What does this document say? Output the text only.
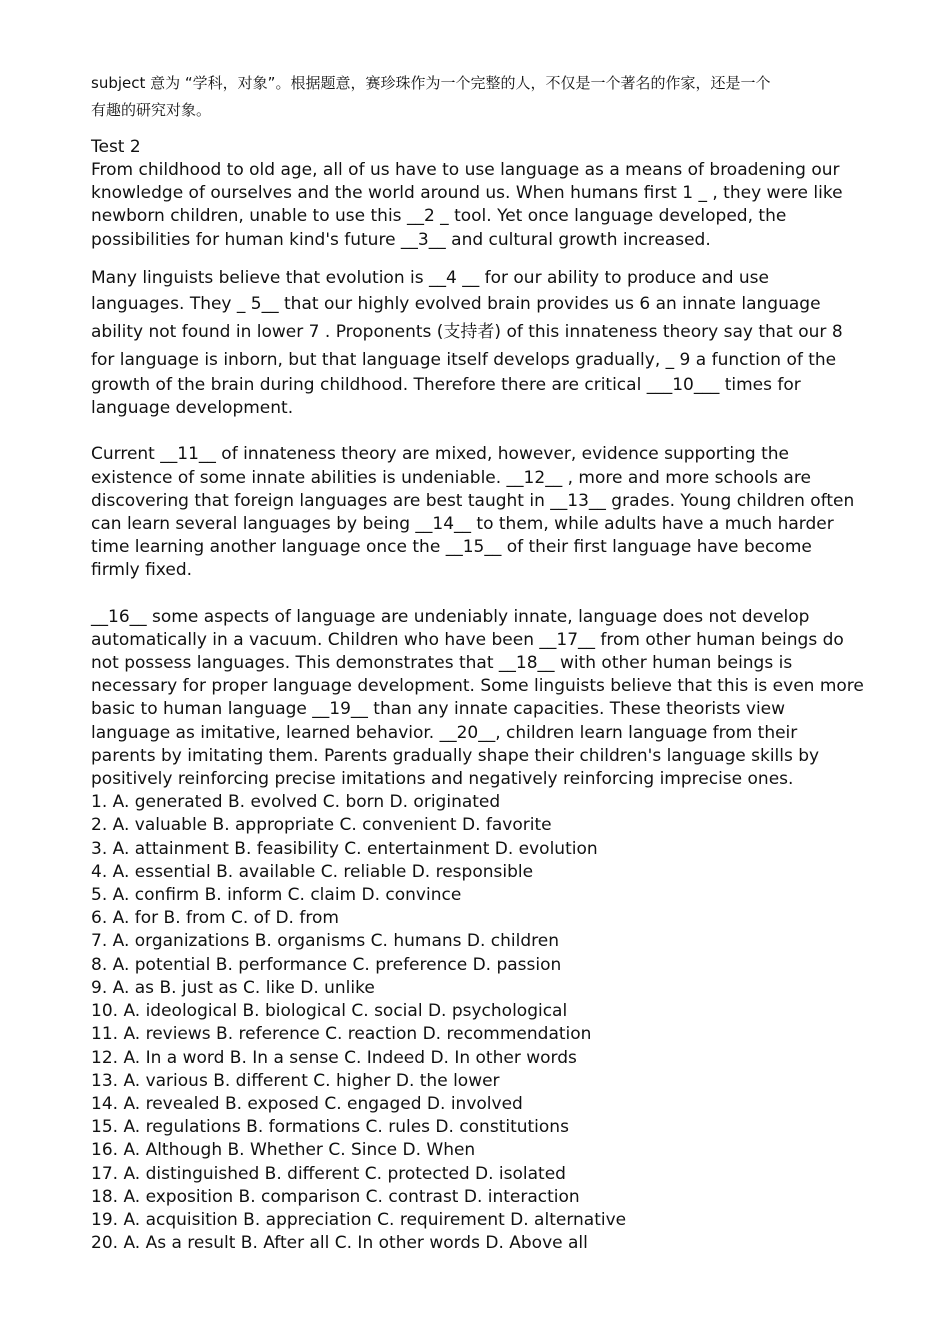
subject 意为 “学科，对象”。根据题意，赛珍珠作为一个完整的人，不仅是一个著名的作家，还是一个
有趣的研究对象。
Test 2
From childhood to old age, all of us have to use language as a means of broadening our
knowledge of ourselves and the world around us. When humans first 1 _ , they were like
newborn children, unable to use this __2 _ tool. Yet once language developed, the
possibilities for human kind's future __3__ and cultural growth increased.
Many linguists believe that evolution is __4 __ for our ability to produce and use
languages. They _ 5__ that our highly evolved brain provides us 6 an innate language
ability not found in lower 7 . Proponents (支持者) of this innateness theory say that our 8
for language is inborn, but that language itself develops gradually, _ 9 a function of the
growth of the brain during childhood. Therefore there are critical ___10___ times for
language development.
Current __11__ of innateness theory are mixed, however, evidence supporting the
existence of some innate abilities is undeniable. __12__ , more and more schools are
discovering that foreign languages are best taught in __13__ grades. Young children often
can learn several languages by being __14__ to them, while adults have a much harder
time learning another language once the __15__ of their first language have become
firmly fixed.
__16__ some aspects of language are undeniably innate, language does not develop
automatically in a vacuum. Children who have been __17__ from other human beings do
not possess languages. This demonstrates that __18__ with other human beings is
necessary for proper language development. Some linguists believe that this is even more
basic to human language __19__ than any innate capacities. These theorists view
language as imitative, learned behavior. __20__, children learn language from their
parents by imitating them. Parents gradually shape their children's language skills by
positively reinforcing precise imitations and negatively reinforcing imprecise ones.
1. A. generated B. evolved C. born D. originated
2. A. valuable B. appropriate C. convenient D. favorite
3. A. attainment B. feasibility C. entertainment D. evolution
4. A. essential B. available C. reliable D. responsible
5. A. confirm B. inform C. claim D. convince
6. A. for B. from C. of D. from
7. A. organizations B. organisms C. humans D. children
8. A. potential B. performance C. preference D. passion
9. A. as B. just as C. like D. unlike
10. A. ideological B. biological C. social D. psychological
11. A. reviews B. reference C. reaction D. recommendation
12. A. In a word B. In a sense C. Indeed D. In other words
13. A. various B. different C. higher D. the lower
14. A. revealed B. exposed C. engaged D. involved
15. A. regulations B. formations C. rules D. constitutions
16. A. Although B. Whether C. Since D. When
17. A. distinguished B. different C. protected D. isolated
18. A. exposition B. comparison C. contrast D. interaction
19. A. acquisition B. appreciation C. requirement D. alternative
20. A. As a result B. After all C. In other words D. Above all
